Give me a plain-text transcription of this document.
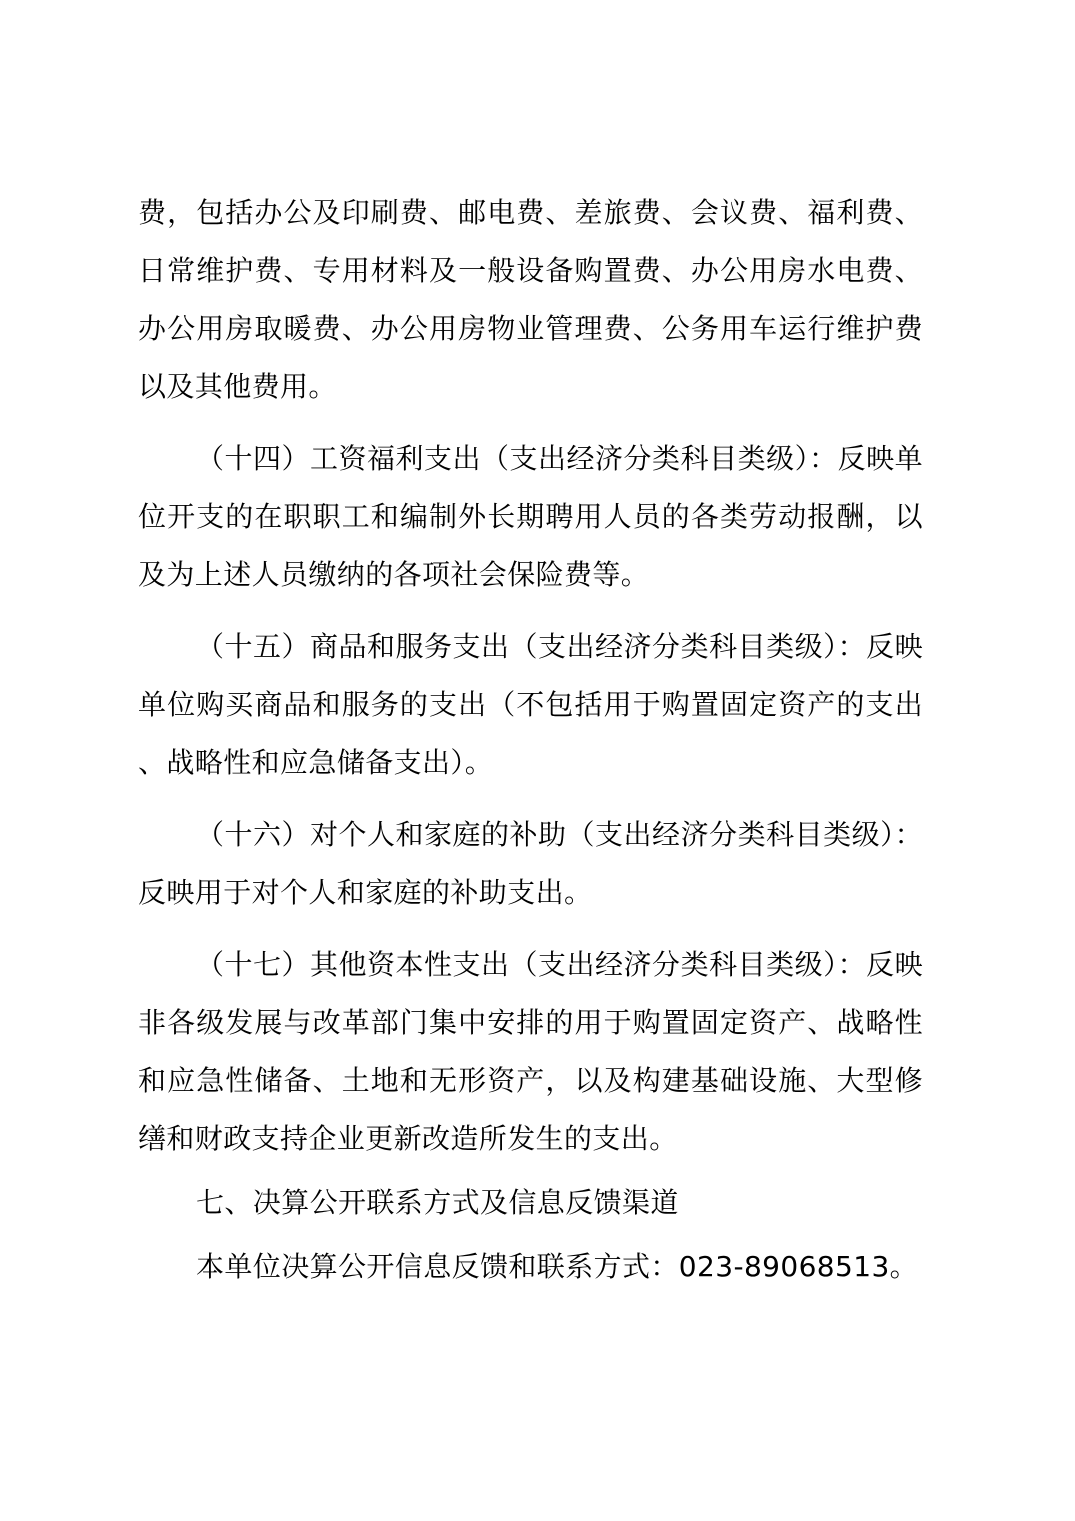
费，包括办公及印刷费、邮电费、差旅费、会议费、福利费、日常维护费、专用材料及一般设备购置费、办公用房水电费、办公用房取暖费、办公用房物业管理费、公务用车运行维护费以及其他费用。

（十四）工资福利支出（支出经济分类科目类级）：反映单位开支的在职职工和编制外长期聘用人员的各类劳动报酬，以及为上述人员缴纳的各项社会保险费等。

（十五）商品和服务支出（支出经济分类科目类级）：反映单位购买商品和服务的支出（不包括用于购置固定资产的支出、战略性和应急储备支出）。

（十六）对个人和家庭的补助（支出经济分类科目类级）：反映用于对个人和家庭的补助支出。

（十七）其他资本性支出（支出经济分类科目类级）：反映非各级发展与改革部门集中安排的用于购置固定资产、战略性和应急性储备、土地和无形资产，以及构建基础设施、大型修缮和财政支持企业更新改造所发生的支出。

七、决算公开联系方式及信息反馈渠道

本单位决算公开信息反馈和联系方式：023-89068513。
